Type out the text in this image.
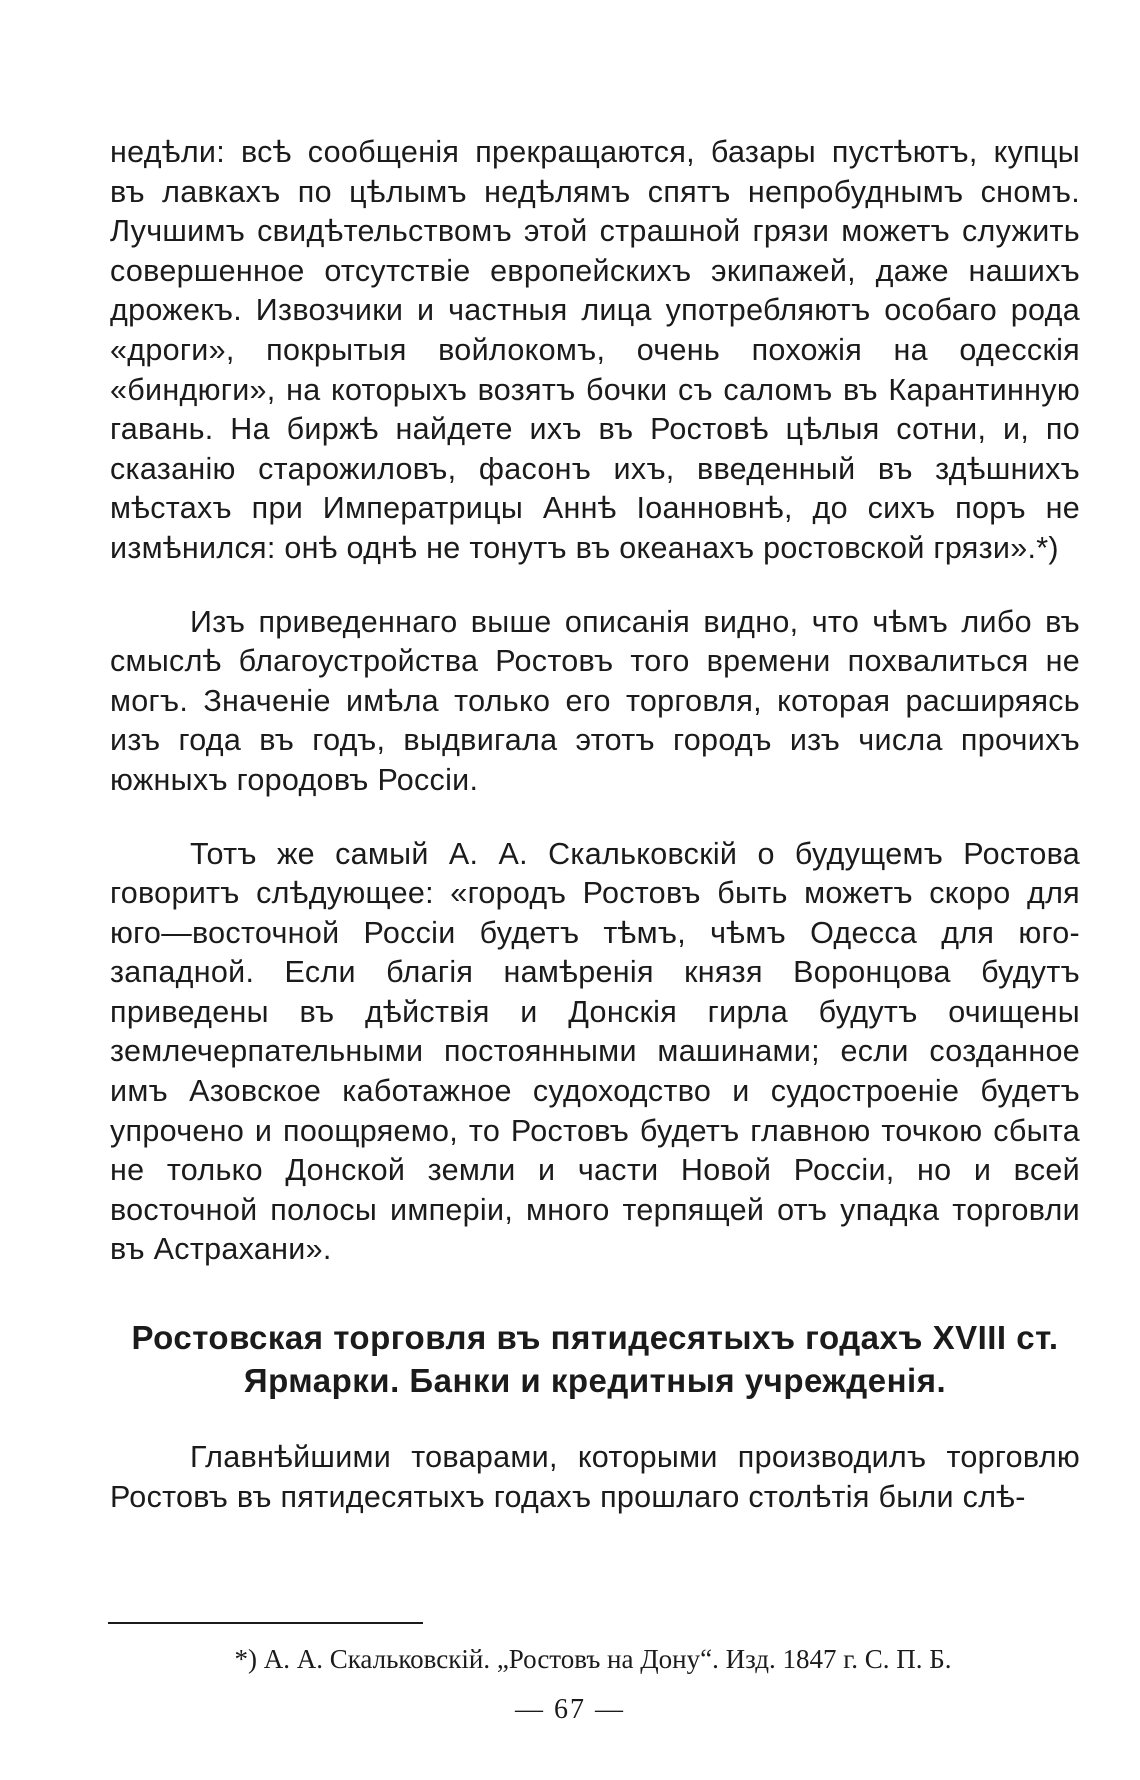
недѣли: всѣ сообщенія прекращаются, базары пустѣютъ, купцы въ лавкахъ по цѣлымъ недѣлямъ спятъ непробуднымъ сномъ. Лучшимъ свидѣтельствомъ этой страшной грязи можетъ служить совершенное отсутствіе европейскихъ экипажей, даже нашихъ дрожекъ. Извозчики и частныя лица употребляютъ особаго рода «дроги», покрытыя войлокомъ, очень похожія на одесскія «биндюги», на которыхъ возятъ бочки съ саломъ въ Карантинную гавань. На биржѣ найдете ихъ въ Ростовѣ цѣлыя сотни, и, по сказанію старожиловъ, фасонъ ихъ, введенный въ здѣшнихъ мѣстахъ при Императрицы Аннѣ Іоанновнѣ, до сихъ поръ не измѣнился: онѣ однѣ не тонутъ въ океанахъ ростовской грязи».*)

Изъ приведеннаго выше описанія видно, что чѣмъ либо въ смыслѣ благоустройства Ростовъ того времени похвалиться не могъ. Значеніе имѣла только его торговля, которая расширяясь изъ года въ годъ, выдвигала этотъ городъ изъ числа прочихъ южныхъ городовъ Россіи.

Тотъ же самый А. А. Скальковскій о будущемъ Ростова говоритъ слѣдующее: «городъ Ростовъ быть можетъ скоро для юго—восточной Россіи будетъ тѣмъ, чѣмъ Одесса для юго-западной. Если благія намѣренія князя Воронцова будутъ приведены въ дѣйствія и Донскія гирла будутъ очищены землечерпательными постоянными машинами; если созданное имъ Азовское каботажное судоходство и судостроеніе будетъ упрочено и поощряемо, то Ростовъ будетъ главною точкою сбыта не только Донской земли и части Новой Россіи, но и всей восточной полосы имперіи, много терпящей отъ упадка торговли въ Астрахани».

Ростовская торговля въ пятидесятыхъ годахъ XVIII ст.
Ярмарки. Банки и кредитныя учрежденія.

Главнѣйшими товарами, которыми производилъ торговлю Ростовъ въ пятидесятыхъ годахъ прошлаго столѣтія были слѣ-

*) А. А. Скальковскій. „Ростовъ на Дону“. Изд. 1847 г. С. П. Б.
— 67 —
